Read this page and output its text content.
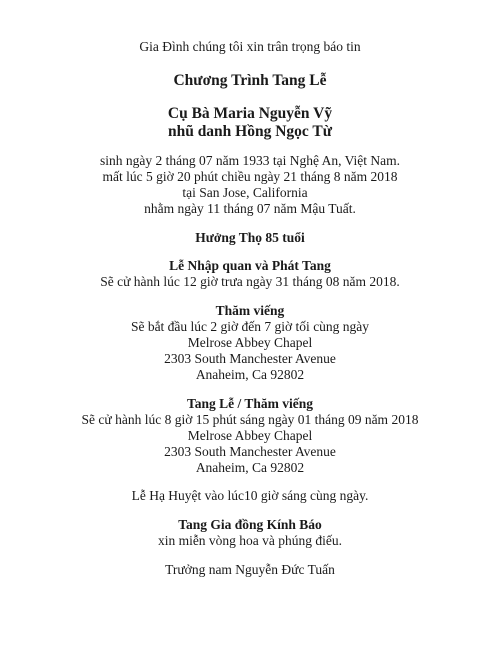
Gia Đình chúng tôi xin trân trọng báo tin
Chương Trình Tang Lễ
Cụ Bà Maria Nguyễn Vỹ
nhũ danh Hồng Ngọc Từ
sinh ngày 2 tháng 07 năm 1933 tại Nghệ An, Việt Nam.
mất lúc 5 giờ 20 phút chiều ngày 21 tháng 8 năm 2018
tại San Jose, California
nhằm ngày 11 tháng 07 năm Mậu Tuất.
Hưởng Thọ 85 tuổi
Lễ Nhập quan và Phát Tang
Sẽ cử hành lúc 12 giờ trưa ngày 31 tháng 08 năm 2018.
Thăm viếng
Sẽ bắt đầu lúc 2 giờ đến 7 giờ tối cùng ngày
Melrose Abbey Chapel
2303 South Manchester Avenue
Anaheim, Ca 92802
Tang Lễ / Thăm viếng
Sẽ cử hành lúc 8 giờ 15 phút sáng ngày 01 tháng 09 năm 2018
Melrose Abbey Chapel
2303 South Manchester Avenue
Anaheim, Ca 92802
Lễ Hạ Huyệt vào lúc10 giờ sáng cùng ngày.
Tang Gia đồng Kính Báo
xin miễn vòng hoa và phúng điếu.
Trưởng nam Nguyễn Đức Tuấn
